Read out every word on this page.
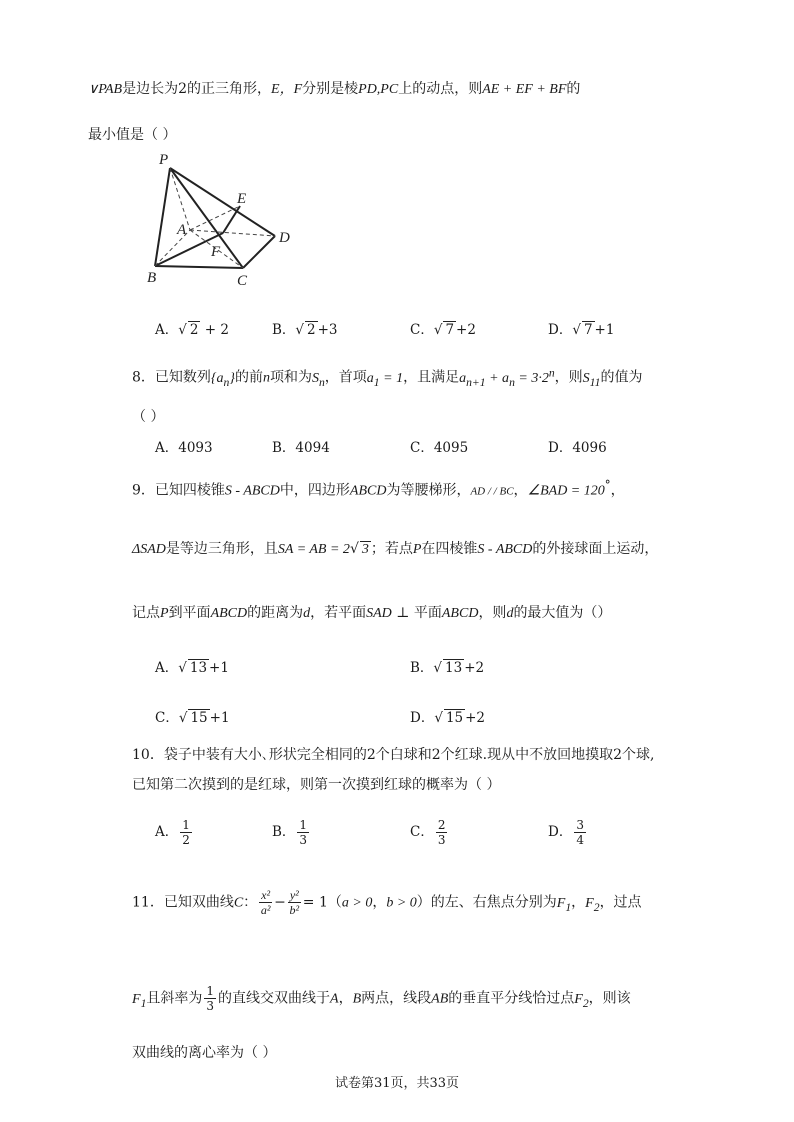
∨PAB是边长为2的正三角形，E，F分别是棱PD,PC上的动点，则AE + EF + BF的
最小值是（ ）
P
E
A	D
F
B	C
A．√ 2 + 2	B．√ 2 +3	C．√ 7 +2	D．√ 7 +1
8．已知数列$\{a_n\}$的前n项和为$S_n$，首项$a_1 = 1$，且满足$a_{n+1} + a_n = 3\cdot 2^n$，则$S_{11}$的值为
（ ）
A．4093	B．4094	C．4095	D．4096
9．已知四棱锥S - ABCD中，四边形ABCD为等腰梯形，AD / / BC，∠BAD = 120°，
ΔSAD是等边三角形，且SA = AB = 2√ 3 ；若点P在四棱锥S - ABCD的外接球面上运动，
记点P到平面ABCD的距离为d，若平面SAD ⊥ 平面ABCD，则d的最大值为（）
A．√ 13 +1	B．√ 13 +2
C．√ 15 +1	D．√ 15 +2
10．袋子中装有大小､形状完全相同的2个白球和2个红球.现从中不放回地摸取2个球,
已知第二次摸到的是红球，则第一次摸到红球的概率为（ ）
A． $\frac{1}{2}$	B． $\frac{1}{3}$	C． $\frac{2}{3}$	D． $\frac{3}{4}$
11．已知双曲线C： $\frac{\text{x²}}{\text{a²}} - \frac{\text{y²}}{\text{b²}} = 1(a > 0$，b > 0）的左、右焦点分别为$F_1$，$F_2$，过点
$F_1$且斜率为 $\frac{1}{3}$ 的直线交双曲线于A，B两点，线段AB的垂直平分线恰过点$F_2$，则该
双曲线的离心率为（ ）
试卷第31页，共33页
